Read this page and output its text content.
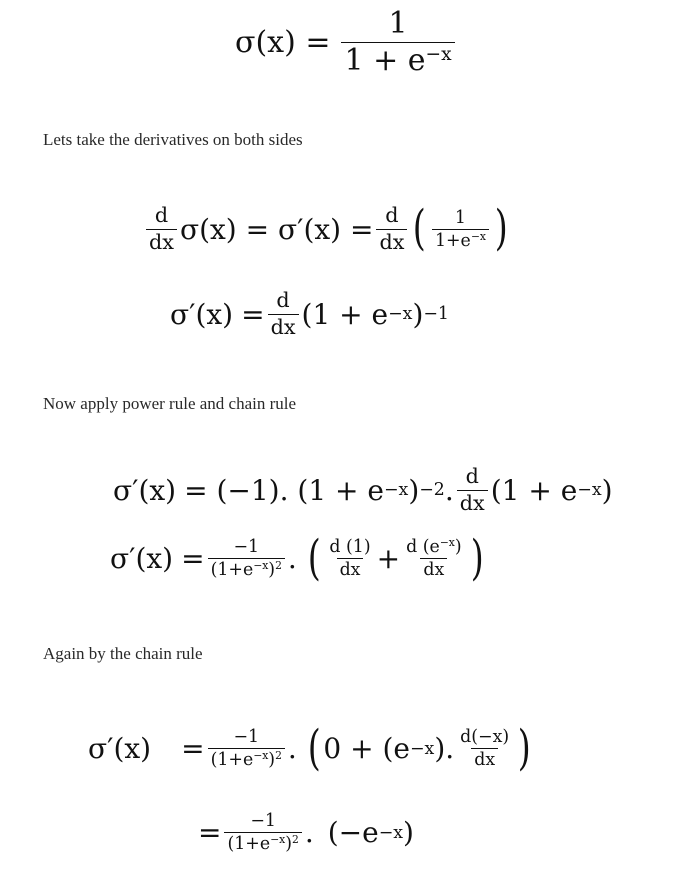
$\sigma(x) = \frac{1}{1 + e^{-x}}$
Lets take the derivatives on both sides
$\frac{d}{dx} \sigma(x) = \sigma'(x) = \frac{d}{dx}$ ( $\frac{1}{1+e^{-x}}$ )
$\sigma'(x) = \frac{d}{dx} (1 + e -x$ ) −1
Now apply power rule and chain rule
σ′(x) = (−1). (1 + e −x ) −2 . $\frac{d}{dx} (1 + e -x$ )
$\sigma'(x) = \frac{-1}{(1+e^{-x})^2}$ . ( $\frac{d (1)}{dx} + \frac{d (e^{-x})}{dx}$ )
Again by the chain rule
$\sigma'(x) = \frac{-1}{(1+e^{-x})^2}$ . ( 0 + (e −x ). $\frac{d(-x)}{dx}$ )
= $\frac{-1}{(1+e^{-x})^2}$ . (−e −x )
